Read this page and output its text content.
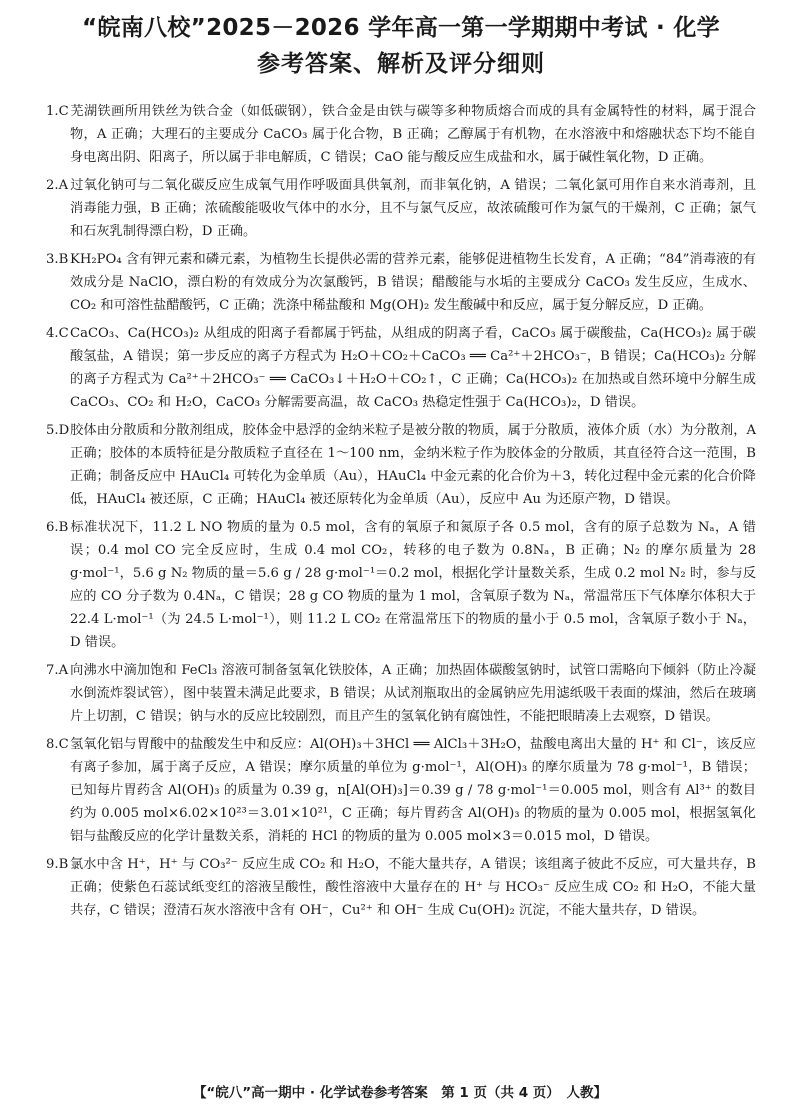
“皖南八校”2025－2026 学年高一第一学期期中考试 · 化学
参考答案、解析及评分细则
1.C芜湖铁画所用铁丝为铁合金（如低碳钢），铁合金是由铁与碳等多种物质熔合而成的具有金属特性的材料，属于混合物，A 正确；大理石的主要成分 CaCO₃ 属于化合物，B 正确；乙醇属于有机物，在水溶液中和熔融状态下均不能自身电离出阴、阳离子，所以属于非电解质，C 错误；CaO 能与酸反应生成盐和水，属于碱性氧化物，D 正确。
2.A 过氧化钠可与二氧化碳反应生成氧气用作呼吸面具供氧剂，而非氧化钠，A 错误；二氧化氯可用作自来水消毒剂，且消毒能力强，B 正确；浓硫酸能吸收气体中的水分，且不与氯气反应，故浓硫酸可作为氯气的干燥剂，C 正确；氯气和石灰乳制得漂白粉，D 正确。
3.B KH₂PO₄ 含有钾元素和磷元素，为植物生长提供必需的营养元素，能够促进植物生长发育，A 正确；“84”消毒液的有效成分是 NaClO，漂白粉的有效成分为次氯酸钙，B 错误；醋酸能与水垢的主要成分 CaCO₃ 发生反应，生成水、CO₂ 和可溶性盐醋酸钙，C 正确；洗涤中稀盐酸和 Mg(OH)₂ 发生酸碱中和反应，属于复分解反应，D 正确。
4.CCaCO₃、Ca(HCO₃)₂ 从组成的阳离子看都属于钙盐，从组成的阴离子看，CaCO₃ 属于碳酸盐，Ca(HCO₃)₂ 属于碳酸氢盐，A 错误；第一步反应的离子方程式为 H₂O＋CO₂＋CaCO₃ ══ Ca²⁺＋2HCO₃⁻，B 错误；Ca(HCO₃)₂ 分解的离子方程式为 Ca²⁺＋2HCO₃⁻ ══ CaCO₃↓＋H₂O＋CO₂↑，C 正确；Ca(HCO₃)₂ 在加热或自然环境中分解生成 CaCO₃、CO₂ 和 H₂O，CaCO₃ 分解需要高温，故 CaCO₃ 热稳定性强于 Ca(HCO₃)₂，D 错误。
5.D胶体由分散质和分散剂组成，胶体金中悬浮的金纳米粒子是被分散的物质，属于分散质，液体介质（水）为分散剂，A 正确；胶体的本质特征是分散质粒子直径在 1～100 nm，金纳米粒子作为胶体金的分散质，其直径符合这一范围，B 正确；制备反应中 HAuCl₄ 可转化为金单质（Au），HAuCl₄ 中金元素的化合价为＋3，转化过程中金元素的化合价降低，HAuCl₄ 被还原，C 正确；HAuCl₄ 被还原转化为金单质（Au），反应中 Au 为还原产物，D 错误。
6.B 标准状况下，11.2 L NO 物质的量为 0.5 mol，含有的氧原子和氮原子各 0.5 mol，含有的原子总数为 Nₐ，A 错误；0.4 mol CO 完全反应时，生成 0.4 mol CO₂，转移的电子数为 0.8Nₐ，B 正确；N₂ 的摩尔质量为 28 g·mol⁻¹，5.6 g N₂ 物质的量＝5.6 g / 28 g·mol⁻¹＝0.2 mol，根据化学计量数关系，生成 0.2 mol N₂ 时，参与反应的 CO 分子数为 0.4Nₐ，C 错误；28 g CO 物质的量为 1 mol，含氧原子数为 Nₐ，常温常压下气体摩尔体积大于 22.4 L·mol⁻¹（为 24.5 L·mol⁻¹），则 11.2 L CO₂ 在常温常压下的物质的量小于 0.5 mol，含氧原子数小于 Nₐ，D 错误。
7.A 向沸水中滴加饱和 FeCl₃ 溶液可制备氢氧化铁胶体，A 正确；加热固体碳酸氢钠时，试管口需略向下倾斜（防止冷凝水倒流炸裂试管），图中装置未满足此要求，B 错误；从试剂瓶取出的金属钠应先用滤纸吸干表面的煤油，然后在玻璃片上切割，C 错误；钠与水的反应比较剧烈，而且产生的氢氧化钠有腐蚀性，不能把眼睛凑上去观察，D 错误。
8.C氢氧化铝与胃酸中的盐酸发生中和反应：Al(OH)₃＋3HCl ══ AlCl₃＋3H₂O，盐酸电离出大量的 H⁺ 和 Cl⁻，该反应有离子参加，属于离子反应，A 错误；摩尔质量的单位为 g·mol⁻¹，Al(OH)₃ 的摩尔质量为 78 g·mol⁻¹，B 错误；已知每片胃药含 Al(OH)₃ 的质量为 0.39 g，n[Al(OH)₃]＝0.39 g / 78 g·mol⁻¹＝0.005 mol，则含有 Al³⁺ 的数目约为 0.005 mol×6.02×10²³＝3.01×10²¹，C 正确；每片胃药含 Al(OH)₃ 的物质的量为 0.005 mol，根据氢氧化铝与盐酸反应的化学计量数关系，消耗的 HCl 的物质的量为 0.005 mol×3＝0.015 mol，D 错误。
9.B 氯水中含 H⁺，H⁺ 与 CO₃²⁻ 反应生成 CO₂ 和 H₂O，不能大量共存，A 错误；该组离子彼此不反应，可大量共存，B 正确；使紫色石蕊试纸变红的溶液呈酸性，酸性溶液中大量存在的 H⁺ 与 HCO₃⁻ 反应生成 CO₂ 和 H₂O，不能大量共存，C 错误；澄清石灰水溶液中含有 OH⁻，Cu²⁺ 和 OH⁻ 生成 Cu(OH)₂ 沉淀，不能大量共存，D 错误。
【“皖八”高一期中 · 化学试卷参考答案　第 1 页（共 4 页）　人教】
